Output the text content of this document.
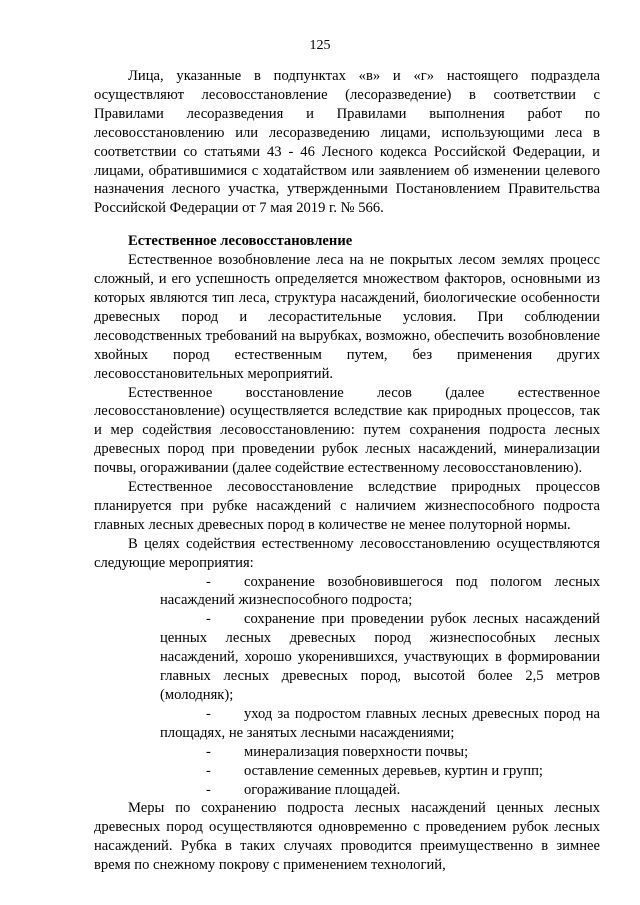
125

Лица, указанные в подпунктах «в» и «г» настоящего подраздела осуществляют лесовосстановление (лесоразведение) в соответствии с Правилами лесоразведения и Правилами выполнения работ по лесовосстановлению или лесоразведению лицами, использующими леса в соответствии со статьями 43 - 46 Лесного кодекса Российской Федерации, и лицами, обратившимися с ходатайством или заявлением об изменении целевого назначения лесного участка, утвержденными Постановлением Правительства Российской Федерации от 7 мая 2019 г. № 566.

Естественное лесовосстановление

Естественное возобновление леса на не покрытых лесом землях процесс сложный, и его успешность определяется множеством факторов, основными из которых являются тип леса, структура насаждений, биологические особенности древесных пород и лесорастительные условия. При соблюдении лесоводственных требований на вырубках, возможно, обеспечить возобновление хвойных пород естественным путем, без применения других лесовосстановительных мероприятий.

Естественное восстановление лесов (далее естественное лесовосстановление) осуществляется вследствие как природных процессов, так и мер содействия лесовосстановлению: путем сохранения подроста лесных древесных пород при проведении рубок лесных насаждений, минерализации почвы, огораживании (далее содействие естественному лесовосстановлению).

Естественное лесовосстановление вследствие природных процессов планируется при рубке насаждений с наличием жизнеспособного подроста главных лесных древесных пород в количестве не менее полуторной нормы.

В целях содействия естественному лесовосстановлению осуществляются следующие мероприятия:

- сохранение возобновившегося под пологом лесных насаждений жизнеспособного подроста;
- сохранение при проведении рубок лесных насаждений ценных лесных древесных пород жизнеспособных лесных насаждений, хорошо укоренившихся, участвующих в формировании главных лесных древесных пород, высотой более 2,5 метров (молодняк);
- уход за подростом главных лесных древесных пород на площадях, не занятых лесными насаждениями;
- минерализация поверхности почвы;
- оставление семенных деревьев, куртин и групп;
- огораживание площадей.

Меры по сохранению подроста лесных насаждений ценных лесных древесных пород осуществляются одновременно с проведением рубок лесных насаждений. Рубка в таких случаях проводится преимущественно в зимнее время по снежному покрову с применением технологий,
